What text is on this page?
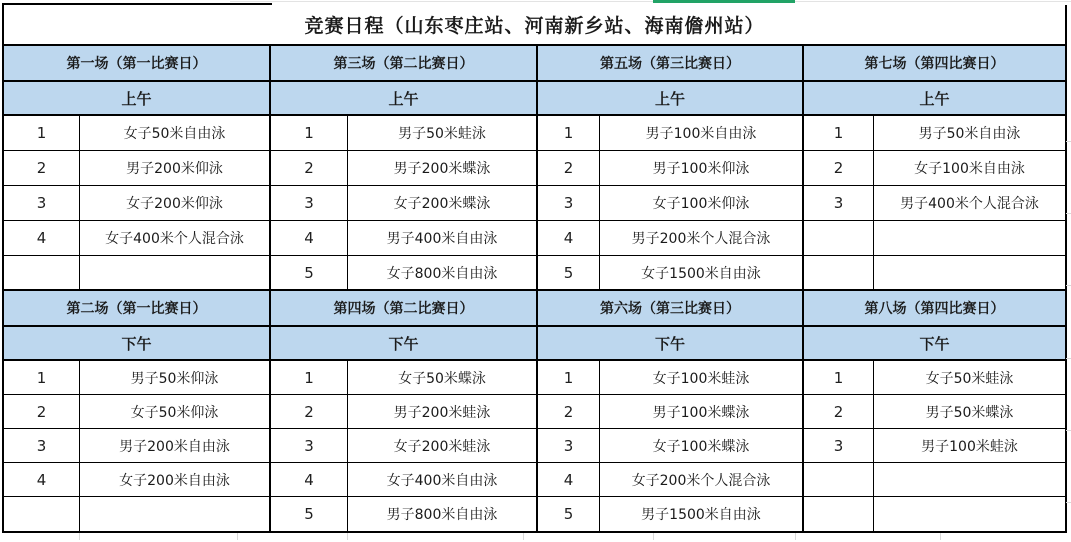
竞赛日程（山东枣庄站、河南新乡站、海南儋州站）
第一场（第一比赛日）
上午
1	女子50米自由泳
2	男子200米仰泳
3	女子200米仰泳
4	女子400米个人混合泳
第三场（第二比赛日）
上午
1	男子50米蛙泳
2	男子200米蝶泳
3	女子200米蝶泳
4	男子400米自由泳
5	女子800米自由泳
第五场（第三比赛日）
上午
1	男子100米自由泳
2	男子100米仰泳
3	女子100米仰泳
4	男子200米个人混合泳
5	女子1500米自由泳
第七场（第四比赛日）
上午
1	男子50米自由泳
2	女子100米自由泳
3	男子400米个人混合泳
第二场（第一比赛日）
下午
1	男子50米仰泳
2	女子50米仰泳
3	男子200米自由泳
4	女子200米自由泳
第四场（第二比赛日）
下午
1	女子50米蝶泳
2	男子200米蛙泳
3	女子200米蛙泳
4	女子400米自由泳
5	男子800米自由泳
第六场（第三比赛日）
下午
1	女子100米蛙泳
2	男子100米蝶泳
3	女子100米蝶泳
4	女子200米个人混合泳
5	男子1500米自由泳
第八场（第四比赛日）
下午
1	女子50米蛙泳
2	男子50米蝶泳
3	男子100米蛙泳
